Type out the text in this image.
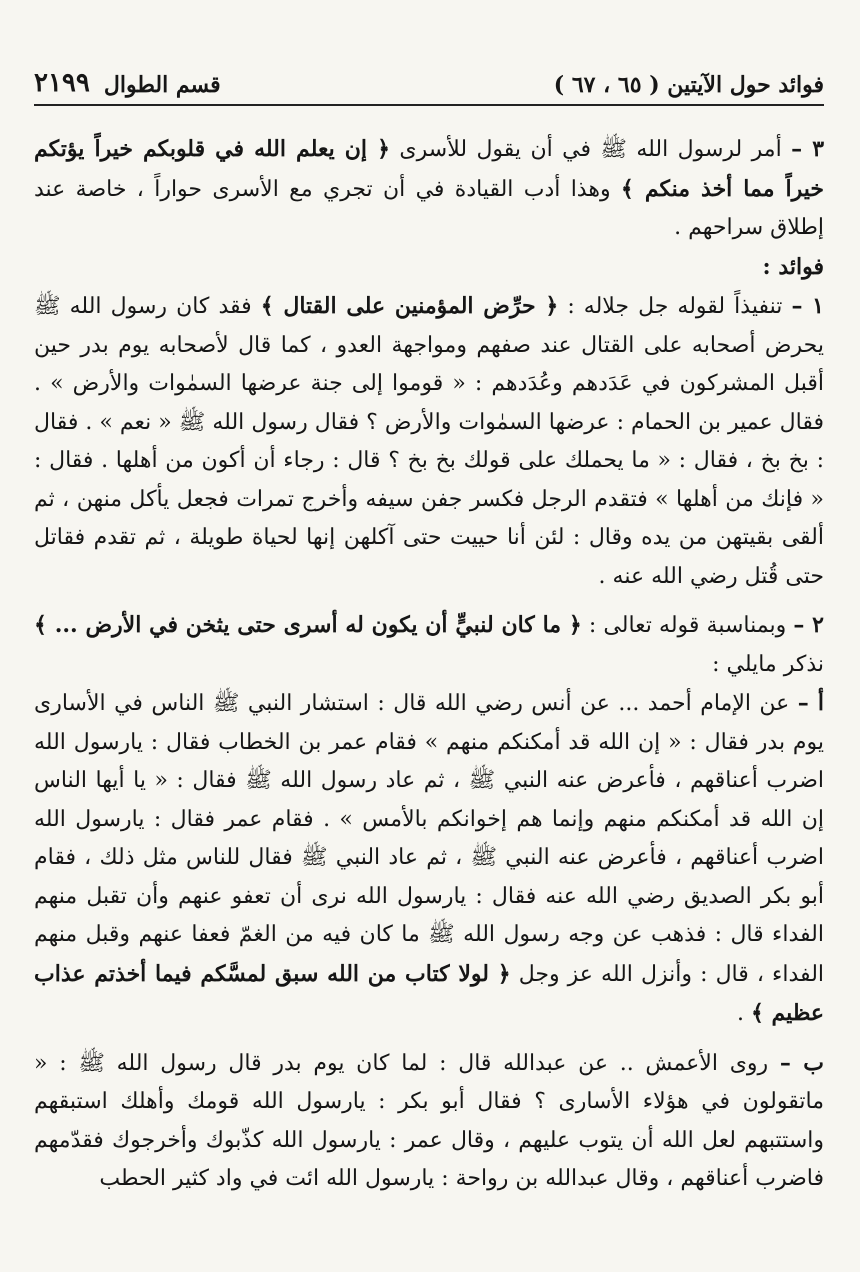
فوائد حول الآيتين ( ٦٥ ، ٦٧ )
قسم الطوال
٢١٩٩

٣ – أمر لرسول الله ﷺ في أن يقول للأسرى ﴿ إن يعلم الله في قلوبكم خيراً يؤتكم خيراً مما أخذ منكم ﴾ وهذا أدب القيادة في أن تجري مع الأسرى حواراً ، خاصة عند إطلاق سراحهم .

فوائد :

١ – تنفيذاً لقوله جل جلاله : ﴿ حرِّض المؤمنين على القتال ﴾ فقد كان رسول الله ﷺ يحرض أصحابه على القتال عند صفهم ومواجهة العدو ، كما قال لأصحابه يوم بدر حين أقبل المشركون في عَدَدهم وعُدَدهم : « قوموا إلى جنة عرضها السمٰوات والأرض » . فقال عمير بن الحمام : عرضها السمٰوات والأرض ؟ فقال رسول الله ﷺ « نعم » . فقال : بخ بخ ، فقال : « ما يحملك على قولك بخ بخ ؟ قال : رجاء أن أكون من أهلها . فقال : « فإنك من أهلها » فتقدم الرجل فكسر جفن سيفه وأخرج تمرات فجعل يأكل منهن ، ثم ألقى بقيتهن من يده وقال : لئن أنا حييت حتى آكلهن إنها لحياة طويلة ، ثم تقدم فقاتل حتى قُتل رضي الله عنه .

٢ – وبمناسبة قوله تعالى : ﴿ ما كان لنبيٍّ أن يكون له أسرى حتى يثخن في الأرض ... ﴾ نذكر مايلي :

أ – عن الإمام أحمد ... عن أنس رضي الله قال : استشار النبي ﷺ الناس في الأسارى يوم بدر فقال : « إن الله قد أمكنكم منهم » فقام عمر بن الخطاب فقال : يارسول الله اضرب أعناقهم ، فأعرض عنه النبي ﷺ ، ثم عاد رسول الله ﷺ فقال : « يا أيها الناس إن الله قد أمكنكم منهم وإنما هم إخوانكم بالأمس » . فقام عمر فقال : يارسول الله اضرب أعناقهم ، فأعرض عنه النبي ﷺ ، ثم عاد النبي ﷺ فقال للناس مثل ذلك ، فقام أبو بكر الصديق رضي الله عنه فقال : يارسول الله نرى أن تعفو عنهم وأن تقبل منهم الفداء قال : فذهب عن وجه رسول الله ﷺ ما كان فيه من الغمّ فعفا عنهم وقبل منهم الفداء ، قال : وأنزل الله عز وجل ﴿ لولا كتاب من الله سبق لمسَّكم فيما أخذتم عذاب عظيم ﴾ .

ب – روى الأعمش .. عن عبدالله قال : لما كان يوم بدر قال رسول الله ﷺ : « ماتقولون في هؤلاء الأسارى ؟ فقال أبو بكر : يارسول الله قومك وأهلك استبقهم واستتبهم لعل الله أن يتوب عليهم ، وقال عمر : يارسول الله كذّبوك وأخرجوك فقدّمهم فاضرب أعناقهم ، وقال عبدالله بن رواحة : يارسول الله ائت في واد كثير الحطب
